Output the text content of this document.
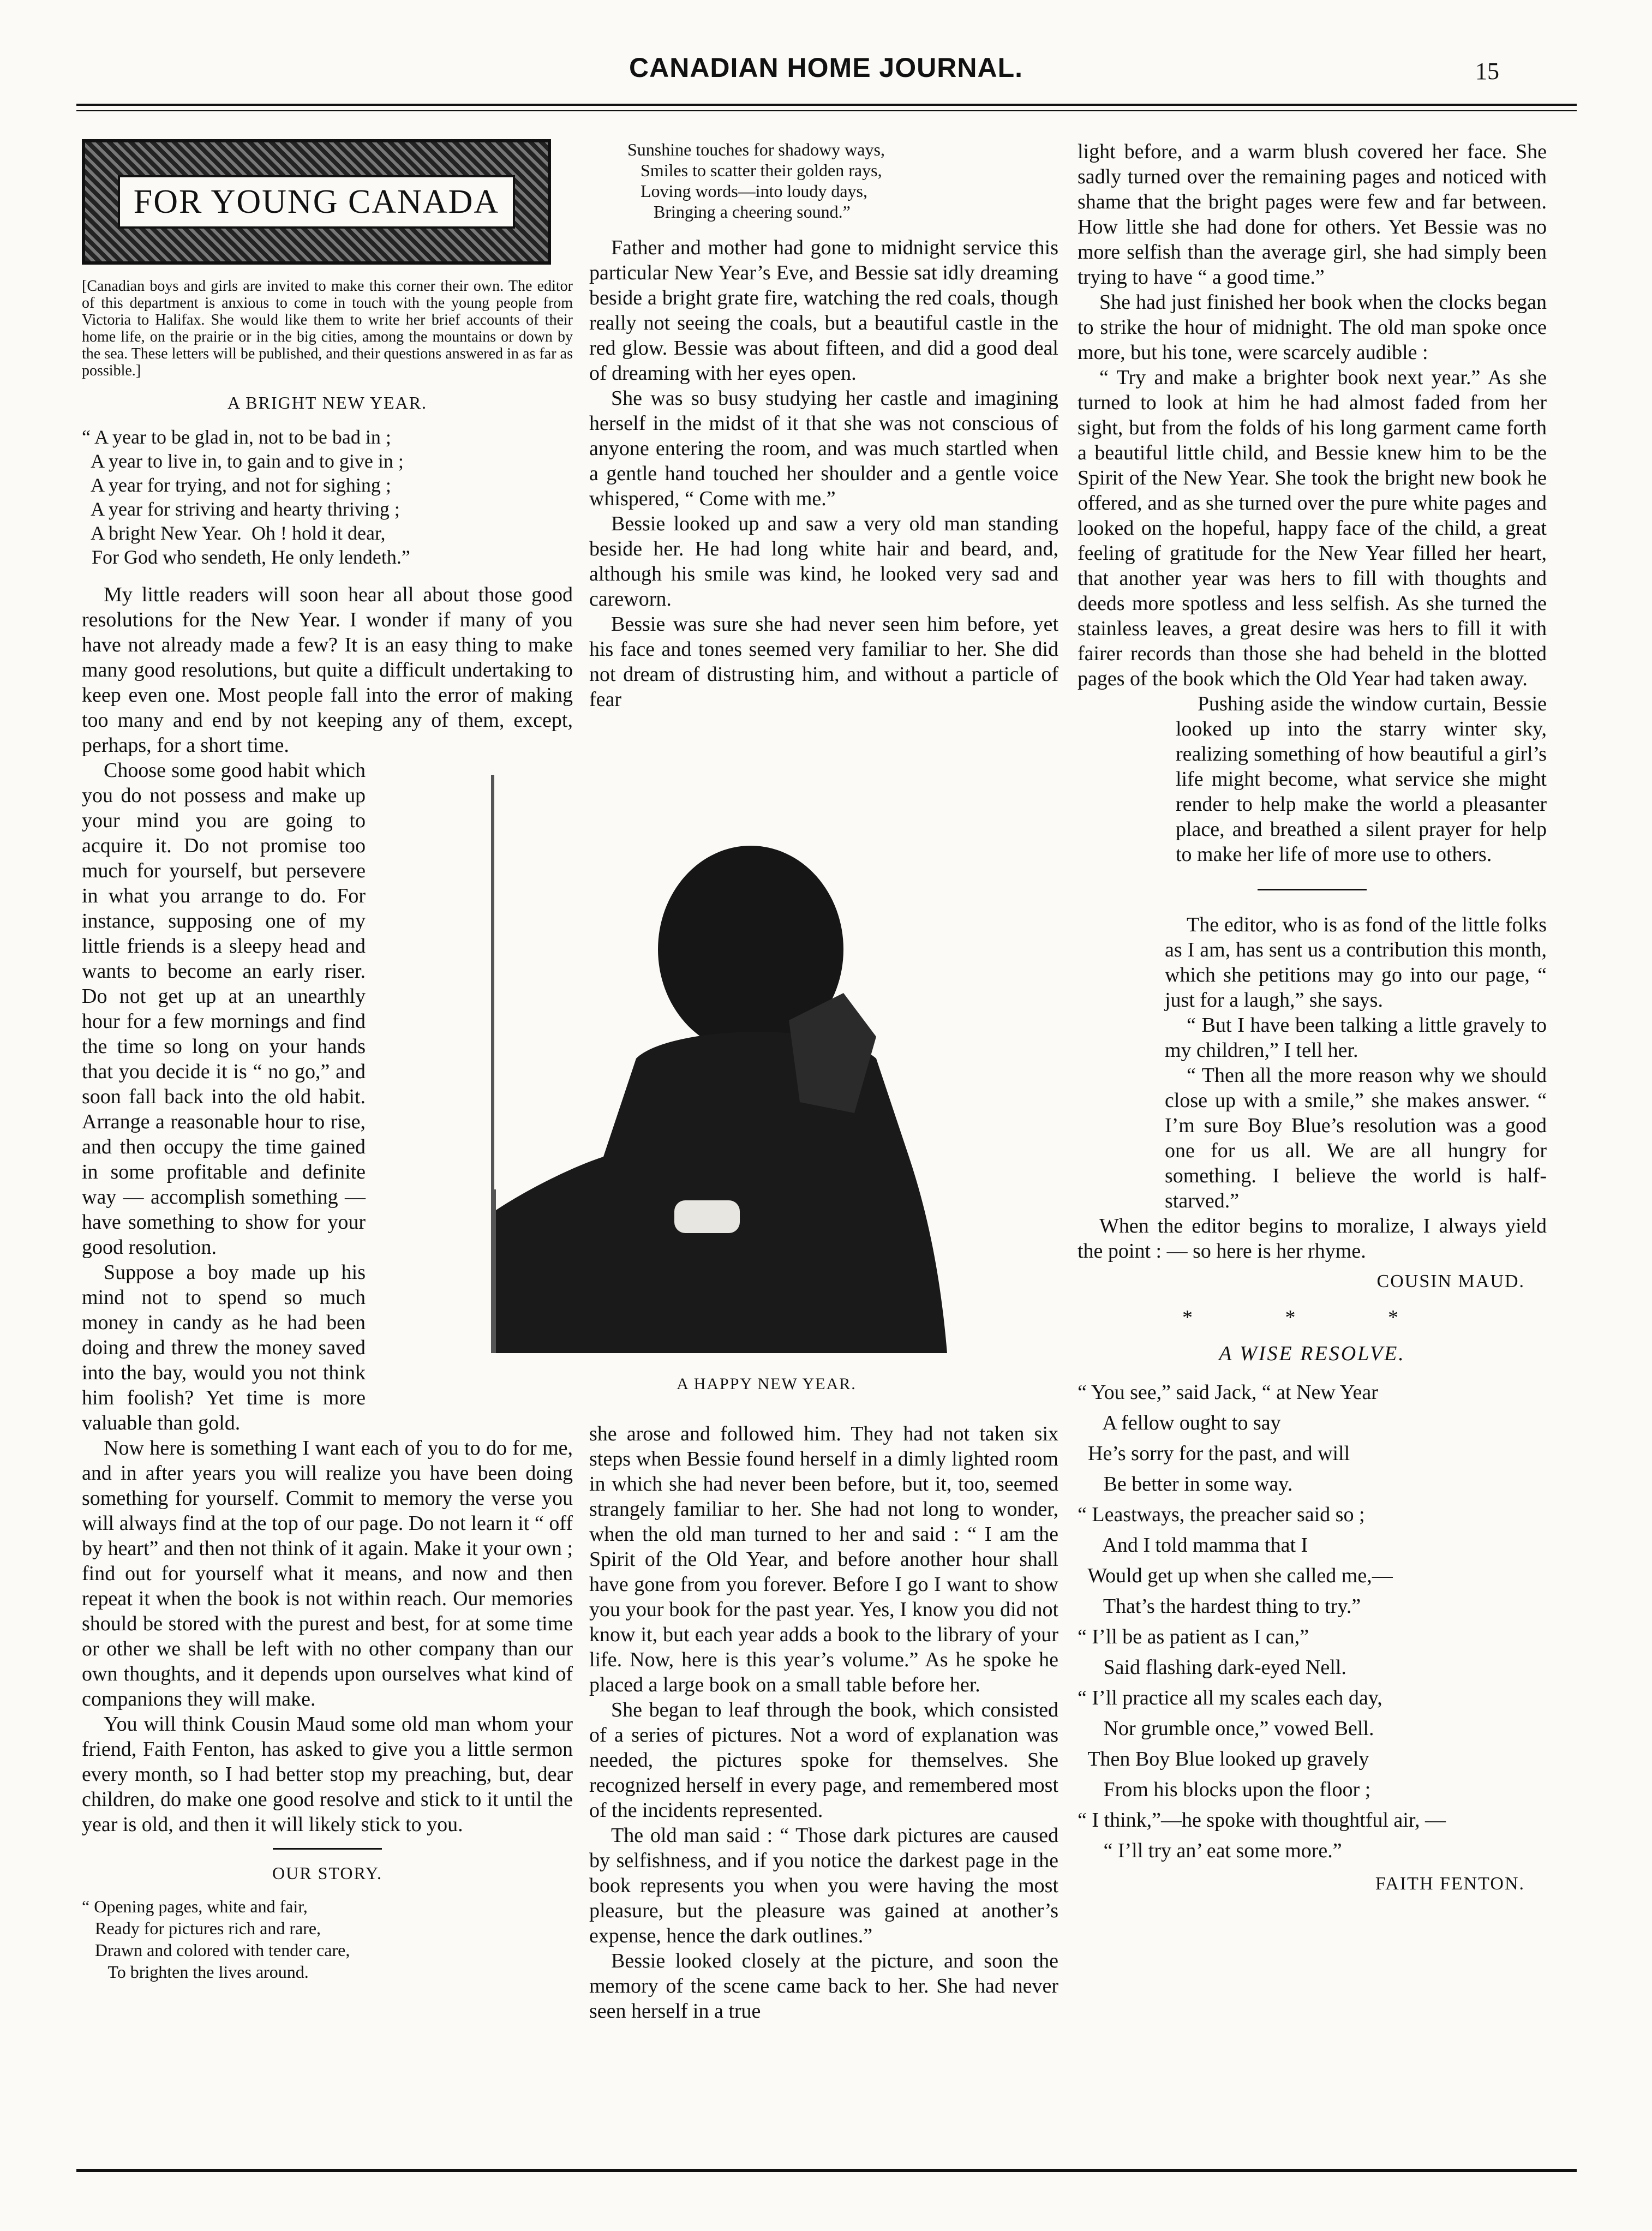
CANADIAN HOME JOURNAL.	15
FOR YOUNG CANADA

[Canadian boys and girls are invited to make this corner their own. The editor of this department is anxious to come in touch with the young people from Victoria to Halifax. She would like them to write her brief accounts of their home life, on the prairie or in the big cities, among the mountains or down by the sea. These letters will be published, and their questions answered in as far as possible.]

A BRIGHT NEW YEAR.
“ A year to be glad in, not to be bad in ;
A year to live in, to gain and to give in ;
A year for trying, and not for sighing ;
A year for striving and hearty thriving ;
A bright New Year.  Oh ! hold it dear,
For God who sendeth, He only lendeth.”

My little readers will soon hear all about those good resolutions for the New Year. I wonder if many of you have not already made a few? It is an easy thing to make many good resolutions, but quite a difficult undertaking to keep even one. Most people fall into the error of making too many and end by not keeping any of them, except, perhaps, for a short time.

Choose some good habit which you do not possess and make up your mind you are going to acquire it. Do not promise too much for yourself, but persevere in what you arrange to do. For instance, supposing one of my little friends is a sleepy head and wants to become an early riser. Do not get up at an unearthly hour for a few mornings and find the time so long on your hands that you decide it is “ no go,” and soon fall back into the old habit. Arrange a reasonable hour to rise, and then occupy the time gained in some profitable and definite way — accomplish something — have something to show for your good resolution.

Suppose a boy made up his mind not to spend so much money in candy as he had been doing and threw the money saved into the bay, would you not think him foolish? Yet time is more valuable than gold.

Now here is something I want each of you to do for me, and in after years you will realize you have been doing something for yourself. Commit to memory the verse you will always find at the top of our page. Do not learn it “ off by heart” and then not think of it again. Make it your own ; find out for yourself what it means, and now and then repeat it when the book is not within reach. Our memories should be stored with the purest and best, for at some time or other we shall be left with no other company than our own thoughts, and it depends upon ourselves what kind of companions they will make.

You will think Cousin Maud some old man whom your friend, Faith Fenton, has asked to give you a little sermon every month, so I had better stop my preaching, but, dear children, do make one good resolve and stick to it until the year is old, and then it will likely stick to you.

OUR STORY.
“ Opening pages, white and fair,
Ready for pictures rich and rare,
Drawn and colored with tender care,
To brighten the lives around.
Sunshine touches for shadowy ways,
Smiles to scatter their golden rays,
Loving words—into loudy days,
Bringing a cheering sound.”

Father and mother had gone to midnight service this particular New Year’s Eve, and Bessie sat idly dreaming beside a bright grate fire, watching the red coals, though really not seeing the coals, but a beautiful castle in the red glow. Bessie was about fifteen, and did a good deal of dreaming with her eyes open.

She was so busy studying her castle and imagining herself in the midst of it that she was not conscious of anyone entering the room, and was much startled when a gentle hand touched her shoulder and a gentle voice whispered, “ Come with me.”

Bessie looked up and saw a very old man standing beside her. He had long white hair and beard, and, although his smile was kind, he looked very sad and careworn.

Bessie was sure she had never seen him before, yet his face and tones seemed very familiar to her. She did not dream of distrusting him, and without a particle of fear

A HAPPY NEW YEAR.

she arose and followed him. They had not taken six steps when Bessie found herself in a dimly lighted room in which she had never been before, but it, too, seemed strangely familiar to her. She had not long to wonder, when the old man turned to her and said : “ I am the Spirit of the Old Year, and before another hour shall have gone from you forever. Before I go I want to show you your book for the past year. Yes, I know you did not know it, but each year adds a book to the library of your life. Now, here is this year’s volume.” As he spoke he placed a large book on a small table before her.

She began to leaf through the book, which consisted of a series of pictures. Not a word of explanation was needed, the pictures spoke for themselves. She recognized herself in every page, and remembered most of the incidents represented.

The old man said : “ Those dark pictures are caused by selfishness, and if you notice the darkest page in the book represents you when you were having the most pleasure, but the pleasure was gained at another’s expense, hence the dark outlines.”

Bessie looked closely at the picture, and soon the memory of the scene came back to her. She had never seen herself in a true

light before, and a warm blush covered her face. She sadly turned over the remaining pages and noticed with shame that the bright pages were few and far between. How little she had done for others. Yet Bessie was no more selfish than the average girl, she had simply been trying to have “ a good time.”

She had just finished her book when the clocks began to strike the hour of midnight. The old man spoke once more, but his tone, were scarcely audible :

“ Try and make a brighter book next year.” As she turned to look at him he had almost faded from her sight, but from the folds of his long garment came forth a beautiful little child, and Bessie knew him to be the Spirit of the New Year. She took the bright new book he offered, and as she turned over the pure white pages and looked on the hopeful, happy face of the child, a great feeling of gratitude for the New Year filled her heart, that another year was hers to fill with thoughts and deeds more spotless and less selfish. As she turned the stainless leaves, a great desire was hers to fill it with fairer records than those she had beheld in the blotted pages of the book which the Old Year had taken away.

Pushing aside the window curtain, Bessie looked up into the starry winter sky, realizing something of how beautiful a girl’s life might become, what service she might render to help make the world a pleasanter place, and breathed a silent prayer for help to make her life of more use to others.

The editor, who is as fond of the little folks as I am, has sent us a contribution this month, which she petitions may go into our page, “ just for a laugh,” she says.

“ But I have been talking a little gravely to my children,” I tell her.

“ Then all the more reason why we should close up with a smile,” she makes answer. “ I’m sure Boy Blue’s resolution was a good one for us all. We are all hungry for something. I believe the world is half-starved.”

When the editor begins to moralize, I always yield the point : — so here is her rhyme.

COUSIN MAUD.
* * *
A WISE RESOLVE.
“ You see,” said Jack, “ at New Year
A fellow ought to say
He’s sorry for the past, and will
Be better in some way.
“ Leastways, the preacher said so ;
And I told mamma that I
Would get up when she called me,—
That’s the hardest thing to try.”
“ I’ll be as patient as I can,”
Said flashing dark-eyed Nell.
“ I’ll practice all my scales each day,
Nor grumble once,” vowed Bell.
Then Boy Blue looked up gravely
From his blocks upon the floor ;
“ I think,”—he spoke with thoughtful air, —
“ I’ll try an’ eat some more.”
FAITH FENTON.
